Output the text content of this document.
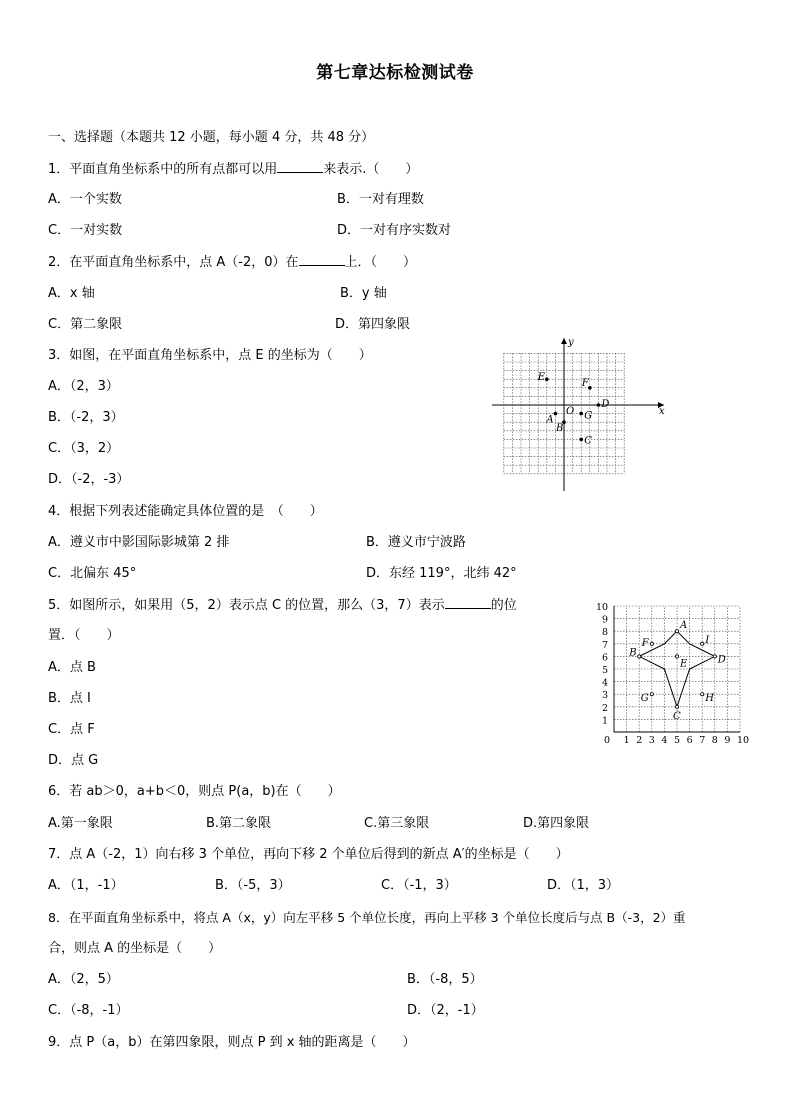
第七章达标检测试卷
一、选择题（本题共 12 小题，每小题 4 分，共 48 分）
1．平面直角坐标系中的所有点都可以用	来表示.（　　）
A．一个实数	B．一对有理数
C．一对实数	D．一对有序实数对
2．在平面直角坐标系中，点 A（-2，0）在	上．（　　）
A．x 轴	B．y 轴
C．第二象限	D．第四象限
3．如图，在平面直角坐标系中，点 E 的坐标为（　　）
A．（2，3）
B．（-2，3）
C．（3，2）
D．（-2，-3）
x
y
O
E
F
D
A	G
B
C
4．根据下列表述能确定具体位置的是　（　　）
A．遵义市中影国际影城第 2 排	B．遵义市宁波路
C．北偏东 45°	D．东经 119°，北纬 42°
5．如图所示，如果用（5，2）表示点 C 的位置，那么（3，7）表示	的位
置．（　　）
A．点 B
B．点 I
C．点 F
D．点 G
A
F	I
B
E	D
G	H
C
0 1 2 3 4 5 6 7 8 9 10
1
2
3
4
5
6
7
8
9
10
6．若 ab＞0，a+b＜0，则点 P(a，b)在（　　）
A.第一象限	B.第二象限	C.第三象限	D.第四象限
7．点 A（-2，1）向右移 3 个单位，再向下移 2 个单位后得到的新点 A′的坐标是（　　）
A．（1，-1）	B．（-5，3）	C．（-1，3）	D．（1，3）
8．在平面直角坐标系中，将点 A（x，y）向左平移 5 个单位长度，再向上平移 3 个单位长度后与点 B（-3，2）重
合，则点 A 的坐标是（　　）
A．（2，5）	B．（-8，5）
C．（-8，-1）	D．（2，-1）
9．点 P（a，b）在第四象限，则点 P 到 x 轴的距离是（　　）
